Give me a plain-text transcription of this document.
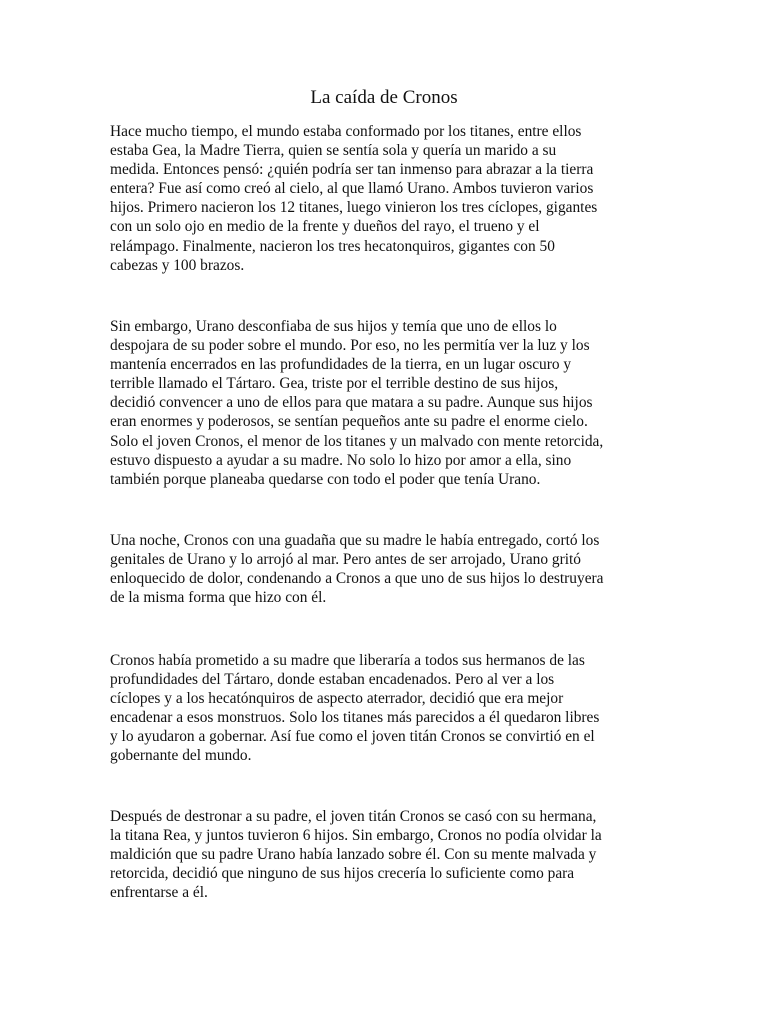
La caída de Cronos

Hace mucho tiempo, el mundo estaba conformado por los titanes, entre ellos
estaba Gea, la Madre Tierra, quien se sentía sola y quería un marido a su
medida. Entonces pensó: ¿quién podría ser tan inmenso para abrazar a la tierra
entera? Fue así como creó al cielo, al que llamó Urano. Ambos tuvieron varios
hijos. Primero nacieron los 12 titanes, luego vinieron los tres cíclopes, gigantes
con un solo ojo en medio de la frente y dueños del rayo, el trueno y el
relámpago. Finalmente, nacieron los tres hecatonquiros, gigantes con 50
cabezas y 100 brazos.

Sin embargo, Urano desconfiaba de sus hijos y temía que uno de ellos lo
despojara de su poder sobre el mundo. Por eso, no les permitía ver la luz y los
mantenía encerrados en las profundidades de la tierra, en un lugar oscuro y
terrible llamado el Tártaro. Gea, triste por el terrible destino de sus hijos,
decidió convencer a uno de ellos para que matara a su padre. Aunque sus hijos
eran enormes y poderosos, se sentían pequeños ante su padre el enorme cielo.
Solo el joven Cronos, el menor de los titanes y un malvado con mente retorcida,
estuvo dispuesto a ayudar a su madre. No solo lo hizo por amor a ella, sino
también porque planeaba quedarse con todo el poder que tenía Urano.

Una noche, Cronos con una guadaña que su madre le había entregado, cortó los
genitales de Urano y lo arrojó al mar. Pero antes de ser arrojado, Urano gritó
enloquecido de dolor, condenando a Cronos a que uno de sus hijos lo destruyera
de la misma forma que hizo con él.

Cronos había prometido a su madre que liberaría a todos sus hermanos de las
profundidades del Tártaro, donde estaban encadenados. Pero al ver a los
cíclopes y a los hecatónquiros de aspecto aterrador, decidió que era mejor
encadenar a esos monstruos. Solo los titanes más parecidos a él quedaron libres
y lo ayudaron a gobernar. Así fue como el joven titán Cronos se convirtió en el
gobernante del mundo.

Después de destronar a su padre, el joven titán Cronos se casó con su hermana,
la titana Rea, y juntos tuvieron 6 hijos. Sin embargo, Cronos no podía olvidar la
maldición que su padre Urano había lanzado sobre él. Con su mente malvada y
retorcida, decidió que ninguno de sus hijos crecería lo suficiente como para
enfrentarse a él.
